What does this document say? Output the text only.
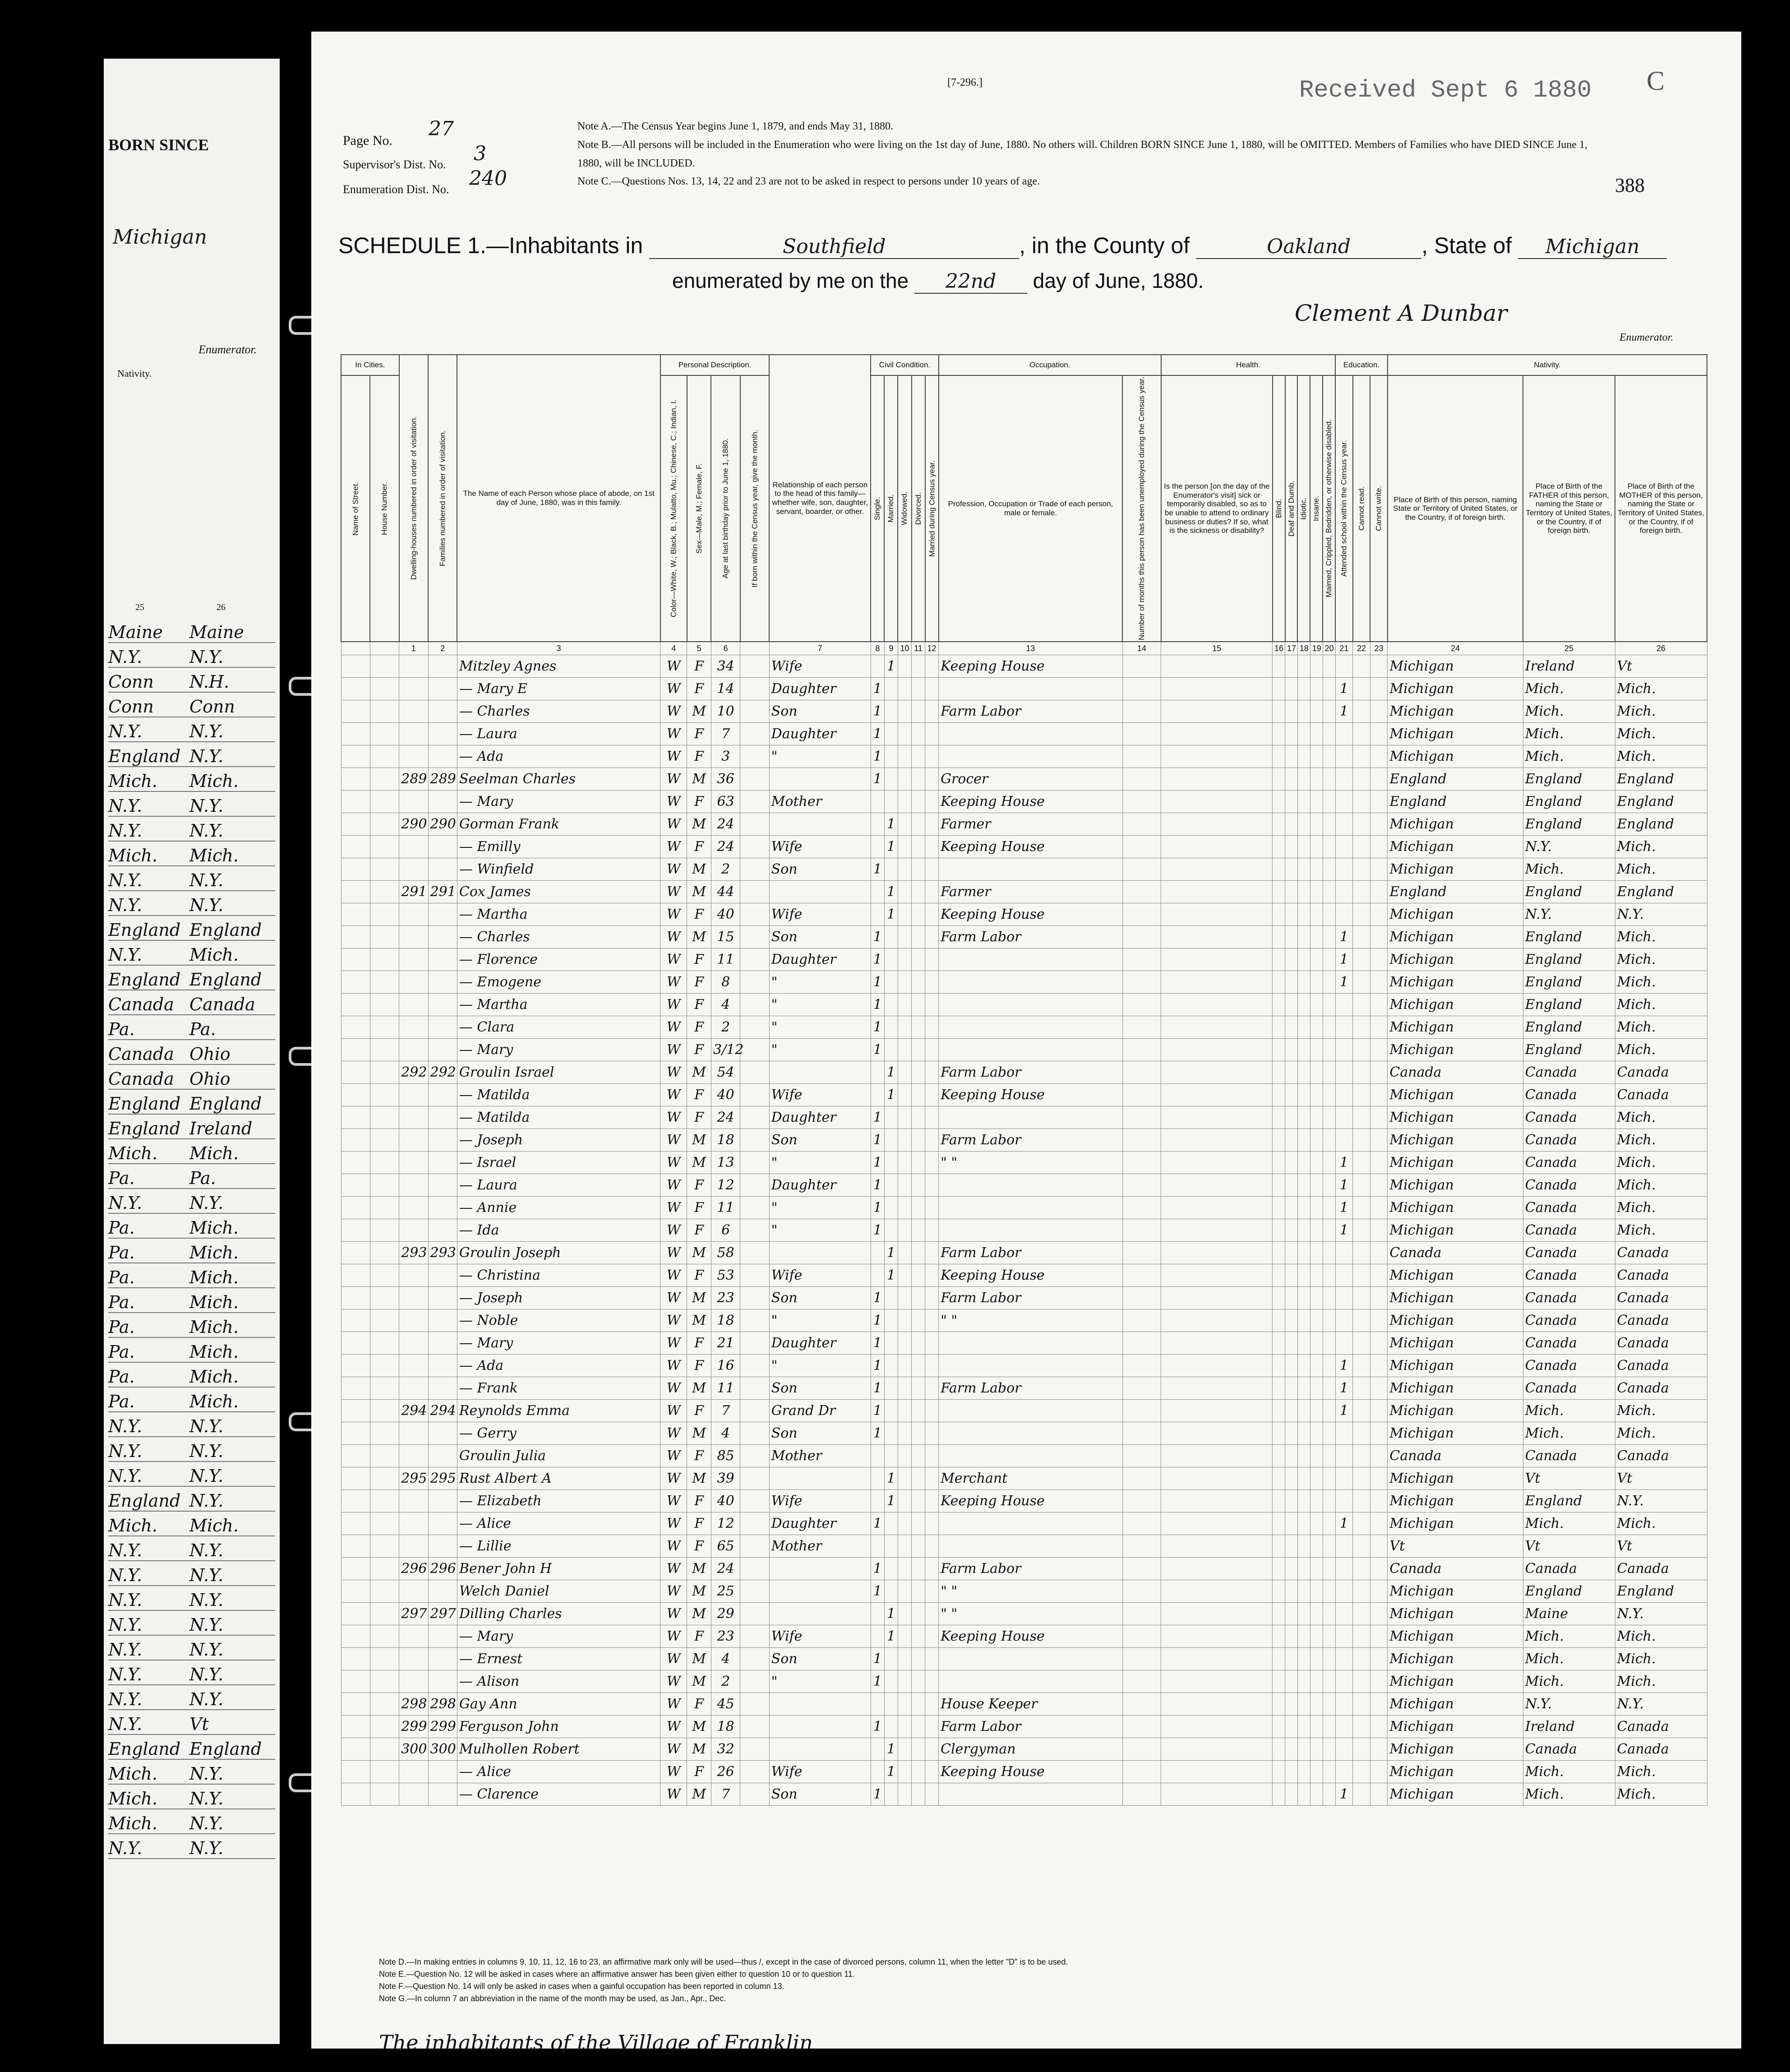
BORN SINCE
Michigan
Enumerator.
Nativity.
25	26
Maine	Maine
N.Y.	N.Y.
Conn	N.H.
Conn	Conn
N.Y.	N.Y.
England N.Y.
Mich.	Mich.
N.Y.	N.Y.
N.Y.	N.Y.
Mich.	Mich.
N.Y.	N.Y.
N.Y.	N.Y.
England England
N.Y.	Mich.
England England
Canada Canada
Pa.	Pa.
Canada Ohio
Canada Ohio
England England
England Ireland
Mich.	Mich.
Pa.	Pa.
N.Y.	N.Y.
Pa.	Mich.
Pa.	Mich.
Pa.	Mich.
Pa.	Mich.
Pa.	Mich.
Pa.	Mich.
Pa.	Mich.
Pa.	Mich.
N.Y.	N.Y.
N.Y.	N.Y.
N.Y.	N.Y.
England N.Y.
Mich.	Mich.
N.Y.	N.Y.
N.Y.	N.Y.
N.Y.	N.Y.
N.Y.	N.Y.
N.Y.	N.Y.
N.Y.	N.Y.
N.Y.	N.Y.
N.Y.	Vt
England England
Mich.	N.Y.
Mich.	N.Y.
Mich.	N.Y.
N.Y.	N.Y.
[7-296.]	Received Sept 6 1880 C
388
Page No.
27
Supervisor's Dist. No. 3
Enumeration Dist. No. 240
Note A.—The Census Year begins June 1, 1879, and ends May 31, 1880.
Note B.—All persons will be included in the Enumeration who were living on the 1st day of June, 1880. No others will. Children BORN SINCE June 1, 1880, will be OMITTED. Members of Families who have DIED SINCE June 1, 1880, will be INCLUDED.
Note C.—Questions Nos. 13, 14, 22 and 23 are not to be asked in respect to persons under 10 years of age.
SCHEDULE 1.—Inhabitants in	Southfield	, in the County of	Oakland	, State of Michigan
enumerated by me on the 22nd day of June, 1880.
Clement A Dunbar
Enumerator.
In Cities.		Dwelling-houses numbered in order of visitation.	Families numbered in order of visitation.	The Name of each Person whose place of abode, on 1st day of June, 1880, was in this family.	Personal Description.				Relationship of each person to the head of this family—whether wife, son, daughter, servant, boarder, or other.	Civil Condition.					Occupation.		Health.						Education.			Nativity.		
Name of Street.	House Number.				Color—White, W.; Black, B.; Mulatto, Mu.; Chinese, C.; Indian, I.	Sex—Male, M.; Female, F.	Age at last birthday prior to June 1, 1880.	If born within the Census year, give the month.		Single.	Married.	Widowed.	Divorced.	Married during Census year.	Profession, Occupation or Trade of each person, male or female.	Number of months this person has been unemployed during the Census year.	Is the person [on the day of the Enumerator's visit] sick or temporarily disabled, so as to be unable to attend to ordinary business or duties? If so, what is the sickness or disability?	Blind.	Deaf and Dumb.	Idiotic.	Insane.	Maimed, Crippled, Bedridden, or otherwise disabled.	Attended school within the Census year.	Cannot read.	Cannot write.	Place of Birth of this person, naming State or Territory of United States, or the Country, if of foreign birth.	Place of Birth of the FATHER of this person, naming the State or Territory of United States, or the Country, if of foreign birth.	Place of Birth of the MOTHER of this person, naming the State or Territory of United States, or the Country, if of foreign birth.
		1	2	3	4	5	6		7	8	9	10	11	12	13	14	15	16	17	18	19	20	21	22	23	24	25	26
				Mitzley Agnes	W	F	34		Wife		1				Keeping House											Michigan	Ireland	Vt
				— Mary E	W	F	14		Daughter	1													1			Michigan	Mich.	Mich.
				— Charles	W	M	10		Son	1					Farm Labor								1			Michigan	Mich.	Mich.
				— Laura	W	F	7		Daughter	1																Michigan	Mich.	Mich.
				— Ada	W	F	3		"	1																Michigan	Mich.	Mich.
		289	289	Seelman Charles	W	M	36			1					Grocer											England	England	England
				— Mary	W	F	63		Mother						Keeping House											England	England	England
		290	290	Gorman Frank	W	M	24				1				Farmer											Michigan	England	England
				— Emilly	W	F	24		Wife		1				Keeping House											Michigan	N.Y.	Mich.
				— Winfield	W	M	2		Son	1																Michigan	Mich.	Mich.
		291	291	Cox James	W	M	44				1				Farmer											England	England	England
				— Martha	W	F	40		Wife		1				Keeping House											Michigan	N.Y.	N.Y.
				— Charles	W	M	15		Son	1					Farm Labor								1			Michigan	England	Mich.
				— Florence	W	F	11		Daughter	1													1			Michigan	England	Mich.
				— Emogene	W	F	8		"	1													1			Michigan	England	Mich.
				— Martha	W	F	4		"	1																Michigan	England	Mich.
				— Clara	W	F	2		"	1																Michigan	England	Mich.
				— Mary	W	F	3/12		"	1																Michigan	England	Mich.
		292	292	Groulin Israel	W	M	54				1				Farm Labor											Canada	Canada	Canada
				— Matilda	W	F	40		Wife		1				Keeping House											Michigan	Canada	Canada
				— Matilda	W	F	24		Daughter	1																Michigan	Canada	Mich.
				— Joseph	W	M	18		Son	1					Farm Labor											Michigan	Canada	Mich.
				— Israel	W	M	13		"	1					" "								1			Michigan	Canada	Mich.
				— Laura	W	F	12		Daughter	1													1			Michigan	Canada	Mich.
				— Annie	W	F	11		"	1													1			Michigan	Canada	Mich.
				— Ida	W	F	6		"	1													1			Michigan	Canada	Mich.
		293	293	Groulin Joseph	W	M	58				1				Farm Labor											Canada	Canada	Canada
				— Christina	W	F	53		Wife		1				Keeping House											Michigan	Canada	Canada
				— Joseph	W	M	23		Son	1					Farm Labor											Michigan	Canada	Canada
				— Noble	W	M	18		"	1					" "											Michigan	Canada	Canada
				— Mary	W	F	21		Daughter	1																Michigan	Canada	Canada
				— Ada	W	F	16		"	1													1			Michigan	Canada	Canada
				— Frank	W	M	11		Son	1					Farm Labor								1			Michigan	Canada	Canada
		294	294	Reynolds Emma	W	F	7		Grand Dr	1													1			Michigan	Mich.	Mich.
				— Gerry	W	M	4		Son	1																Michigan	Mich.	Mich.
				Groulin Julia	W	F	85		Mother																	Canada	Canada	Canada
		295	295	Rust Albert A	W	M	39				1				Merchant											Michigan	Vt	Vt
				— Elizabeth	W	F	40		Wife		1				Keeping House											Michigan	England	N.Y.
				— Alice	W	F	12		Daughter	1													1			Michigan	Mich.	Mich.
				— Lillie	W	F	65		Mother																	Vt	Vt	Vt
		296	296	Bener John H	W	M	24			1					Farm Labor											Canada	Canada	Canada
				Welch Daniel	W	M	25			1					" "											Michigan	England	England
		297	297	Dilling Charles	W	M	29				1				" "											Michigan	Maine	N.Y.
				— Mary	W	F	23		Wife		1				Keeping House											Michigan	Mich.	Mich.
				— Ernest	W	M	4		Son	1																Michigan	Mich.	Mich.
				— Alison	W	M	2		"	1																Michigan	Mich.	Mich.
		298	298	Gay Ann	W	F	45								House Keeper											Michigan	N.Y.	N.Y.
		299	299	Ferguson John	W	M	18			1					Farm Labor											Michigan	Ireland	Canada
		300	300	Mulhollen Robert	W	M	32				1				Clergyman											Michigan	Canada	Canada
				— Alice	W	F	26		Wife		1				Keeping House											Michigan	Mich.	Mich.
				— Clarence	W	M	7		Son	1													1			Michigan	Mich.	Mich.
Note D.—In making entries in columns 9, 10, 11, 12, 16 to 23, an affirmative mark only will be used—thus /, except in the case of divorced persons, column 11, when the letter "D" is to be used.
Note E.—Question No. 12 will be asked in cases where an affirmative answer has been given either to question 10 or to question 11.
Note F.—Question No. 14 will only be asked in cases when a gainful occupation has been reported in column 13.
Note G.—In column 7 an abbreviation in the name of the month may be used, as Jan., Apr., Dec.
The inhabitants of the Village of Franklin
